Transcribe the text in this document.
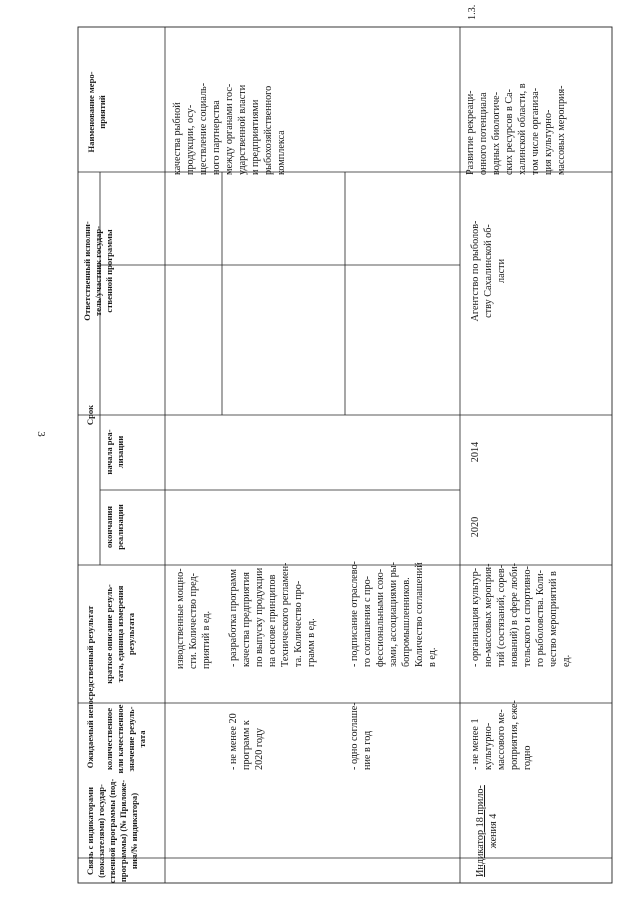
3
Наименование меро- приятий
Ответственный исполни- тель/участник государ- ственной программы
Срок
начала реа- лизации
окончания реализации
Ожидаемый непосредственный результат краткое описание резуль- тата, единица измерения результата
количественное или качественное значение резуль- тата
Связь с индикаторами (показателями) государ- ственной программы (под- программы) (№ Приложе- ния/№ индикатора)
качества рыбной продукции, осу- ществление социаль- ного партнерства между органами гос- ударственной власти и предприятиями рыбохозяйственного комплекса
изводственные мощно- сти. Количество пред- приятий в ед. - разработка программ качества предприятия по выпуску продукции на основе принципов Технического регламен- та. Количество про- грамм в ед.
- не менее 20 программ к 2020 году
- подписание отраслево- го соглашения с про- фессиональными сою- зами, ассоциациями ры- бопромышленников. Количество соглашений в ед.
- одно соглаше- ние в год
1.3.
Развитие рекреаци- онного потенциала водных биологиче- ских ресурсов в Са- халинской области, в том числе организа- ция культурно- массовых мероприя-
Агентство по рыболов- ству Сахалинской об- ласти
2014
2020
- организация культур- но-массовых мероприя- тий (состязаний, сорев- нований) в сфере люби- тельского и спортивно- го рыболовства. Коли- чество мероприятий в ед.
- не менее 1 культурно- массового ме- роприятия, еже- годно
Индикатор 18 прило- жения 4
